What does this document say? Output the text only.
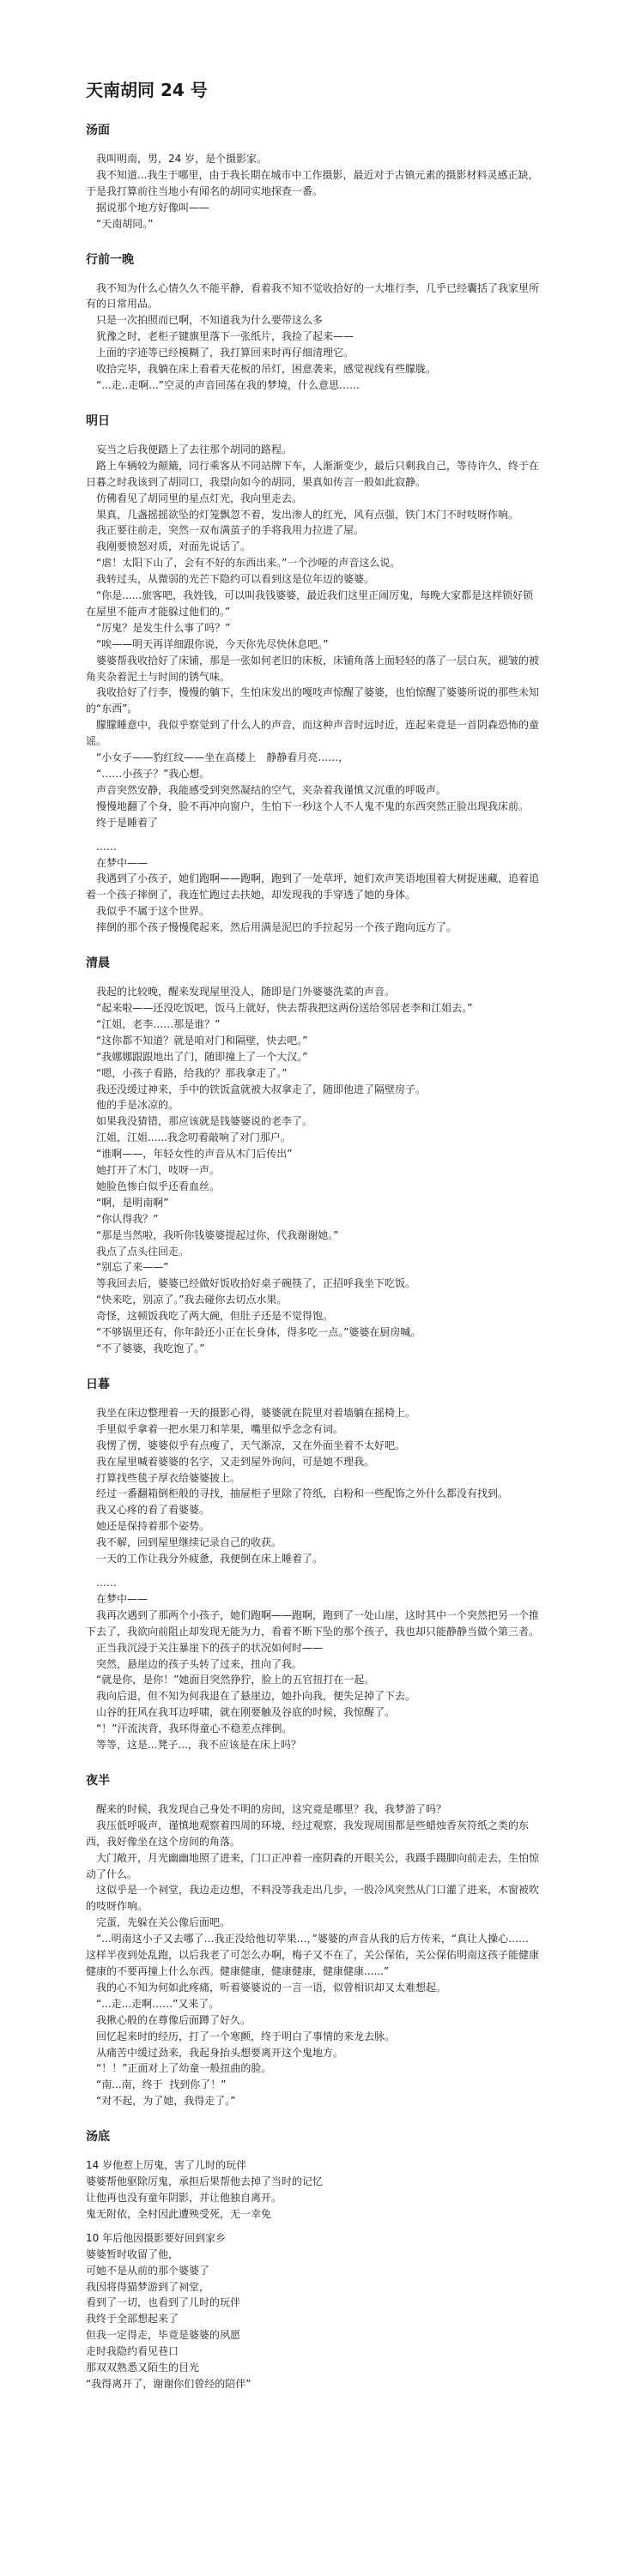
天南胡同 24 号
汤面

　我叫明南，男，24 岁，是个摄影家。

　我不知道...我生于哪里，由于我长期在城市中工作摄影，最近对于古镇元素的摄影材料灵感正缺，于是我打算前往当地小有闻名的胡同实地探查一番。

　据说那个地方好像叫——

　“天南胡同。”

行前一晚

　我不知为什么心情久久不能平静，看着我不知不觉收拾好的一大堆行李，几乎已经囊括了我家里所有的日常用品。

　只是一次拍照而已啊，不知道我为什么要带这么多

　犹豫之时，老柜子键旗里落下一张纸片，我捡了起来——

　上面的字迹等已经模糊了，我打算回来时再仔细清理它。

　收拾完毕，我躺在床上看着天花板的吊灯，困意袭来，感觉视线有些朦胧。

　“...走..走啊...”空灵的声音回荡在我的梦境，什么意思……

明日

　妄当之后我便踏上了去往那个胡同的路程。

　路上车辆较为颠簸，同行乘客从不同站牌下车，人渐渐变少，最后只剩我自己，等待许久，终于在日暮之时我该到了胡同口，我望向如今的胡同，果真如传言一般如此寂静。

　仿佛看见了胡同里的星点灯光，我向里走去。

　果真，几盏摇摇欲坠的灯笼飘忽不着，发出渗人的红光，风有点强，铁门木门不时吱呀作响。

　我正要往前走，突然一双布满茧子的手将我用力拉进了屋。

　我刚要愤怒对质，对面先说话了。

　“虐！太阳下山了，会有不好的东西出来。”一个沙哑的声音这么说。

　我转过头，从微弱的光芒下隐约可以看到这是位年迈的婆婆。

　“你是......旅客吧，我姓钱，可以叫我钱婆婆，最近我们这里正闹厉鬼，每晚大家都是这样锁好锁在屋里不能声才能躲过他们的。”

　“厉鬼？是发生什么事了吗？”

　“唉——明天再详细跟你说，今天你先尽快休息吧。”

　婆婆帮我收拾好了床铺，那是一张如何老旧的床板，床铺角落上面轻轻的落了一层白灰，褪皱的被角夹杂着泥土与时间的锈气味。

　我收拾好了行李，慢慢的躺下，生怕床发出的嘎吱声惊醒了婆婆，也怕惊醒了婆婆所说的那些未知的“东西”。

　朦朦睡意中，我似乎察觉到了什么人的声音，而这种声音时远时近，连起来竟是一首阴森恐怖的童谣。

　“小女子——豹红纹——坐在高楼上　静静看月亮……，

　“……小孩子？”我心想。

　声音突然安静，我能感受到突然凝结的空气，夹杂着我谨慎又沉重的呼吸声。

　慢慢地翻了个身，脸不再冲向窗户，生怕下一秒这个人不人鬼不鬼的东西突然正脸出现我床前。

　终于是睡着了

　……

　在梦中——

　我遇到了小孩子，她们跑啊——跑啊，跑到了一处草坪，她们欢声笑语地围着大树捉迷藏，追着追着一个孩子摔倒了，我连忙跑过去扶她，却发现我的手穿透了她的身体。

　我似乎不属于这个世界。

　摔倒的那个孩子慢慢爬起来，然后用满是泥巴的手拉起另一个孩子跑向远方了。

清晨

　我起的比较晚，醒来发现屋里没人，随即是门外婆婆洗菜的声音。

　“起来啦——还没吃饭吧，饭马上就好，快去帮我把这两份送给邻居老李和江姐去。”

　“江姐，老李……那是谁？”

　“这你都不知道？就是咱对门和隔壁，快去吧。”

　“我娜娜跟跟地出了门，随即撞上了一个大汉。”

　“嗯，小孩子看路，给我的？那我拿走了。”

　我还没缓过神来，手中的铁饭盒就被大叔拿走了，随即他进了隔壁房子。

　他的手是冰凉的。

　如果我没猜错，那应该就是钱婆婆说的老李了。

　江姐，江姐......我念叨着敲响了对门那户。

　“谁啊——，年轻女性的声音从木门后传出”

　她打开了木门，吱呀一声。

　她脸色惨白似乎还看血丝。

　“啊，是明南啊”

　“你认得我？”

　“那是当然啦，我听你钱婆婆提起过你，代我谢谢她。”

　我点了点头往回走。

　“别忘了来——”

　等我回去后，婆婆已经做好饭收拾好桌子碗筷了，正招呼我坐下吃饭。

　“快来吃，别凉了。”我去碰你去切点水果。

　奇怪，这顿饭我吃了两大碗，但肚子还是不觉得饱。

　“不够锅里还有，你年龄还小正在长身体，得多吃一点。”婆婆在厨房喊。

　“不了婆婆，我吃饱了。”

日暮

　我坐在床边整理着一天的摄影心得，婆婆就在院里对着墙躺在摇椅上。

　手里似乎拿着一把水果刀和苹果，嘴里似乎念念有词。

　我愣了愣，婆婆似乎有点瘦了，天气渐凉，又在外面坐着不太好吧。

　我在屋里喊着婆婆的名字，又走到屋外询问，可是她不理我。

　打算找些毯子厚衣给婆婆披上。

　经过一番翻箱倒柜般的寻找，抽屉柜子里除了符纸，白粉和一些配饰之外什么都没有找到。

　我又心疼的看了看婆婆。

　她还是保持着那个姿势。

　我不解，回到屋里继续记录自己的收获。

　一天的工作让我分外疲惫，我便倒在床上睡着了。

　……

　在梦中——

　我再次遇到了那两个小孩子，她们跑啊——跑啊，跑到了一处山崖，这时其中一个突然把另一个推下去了，我欲向前阻止却发现无能为力，看着不断下坠的那个孩子，我也却只能静静当做个第三者。

　正当我沉浸于关注暴崖下的孩子的状况如何时——

　突然，悬崖边的孩子头转了过来，扭向了我。

　“就是你，是你！”她面目突然狰狞，脸上的五官扭打在一起。

　我向后退，但不知为何我退在了悬崖边，她扑向我，便失足掉了下去。

　山谷的狂风在我耳边呼啸，就在刚要触及谷底的时候，我惊醒了。

　“！”汗流浃背，我环得童心不稳差点摔倒。

　等等，这是...凳子...，我不应该是在床上吗？

夜半

　醒来的时候，我发现自己身处不明的房间，这究竟是哪里？我，我梦游了吗？

　我压低呼吸声，谨慎地观察着四周的环境，经过观察，我发现周围都是些蜡烛香灰符纸之类的东西，我好像坐在这个房间的角落。

　大门敞开，月光幽幽地照了进来，门口正冲着一座阴森的开眼关公，我蹑手蹑脚向前走去，生怕惊动了什么。

　这似乎是一个祠堂，我边走边想，不料没等我走出几步，一股冷风突然从门口灌了进来，木窗被吹的吱呀作响。

　完蛋，先躲在关公像后面吧。

　“...明南这小子又去哪了…我正没给他切苹果…，”婆婆的声音从我的后方传来，“真让人操心……这样半夜到处乱跑，以后我老了可怎么办啊，梅子又不在了，关公保佑，关公保佑明南这孩子能健康健康的不要再撞上什么东西。健康健康，健康健康，健康健康......”

　我的心不知为何如此疼痛，听着婆婆说的一言一语，似曾相识却又太难想起。

　“...走...走啊……”又来了。

　我揪心般的在尊像后面蹲了好久。

　回忆起来时的经历，打了一个寒颤，终于明白了事情的来龙去脉。

　从痛苦中缓过劲来，我起身抬头想要离开这个鬼地方。

　“！！”正面对上了幼童一般扭曲的脸。

　“南...南，终于  找到你了！”

　“对不起，为了她，我得走了。”

汤底

14 岁他惹上厉鬼，害了儿时的玩伴

婆婆帮他驱除厉鬼，承担后果帮他去掉了当时的记忆

让他再也没有童年阴影，并让他独自离开。

鬼无附依，全村因此遭殃受死，无一幸免

10 年后他因摄影要好回到家乡

婆婆暂时收留了他，

可她不是从前的那个婆婆了

我因将得猫梦游到了祠堂，

看到了一切，也看到了儿时的玩伴

我终于全部想起来了

但我一定得走，毕竟是婆婆的夙愿

走时我隐约看见巷口

那双双熟悉又陌生的目光

“我得离开了，谢谢你们曾经的陪伴”
